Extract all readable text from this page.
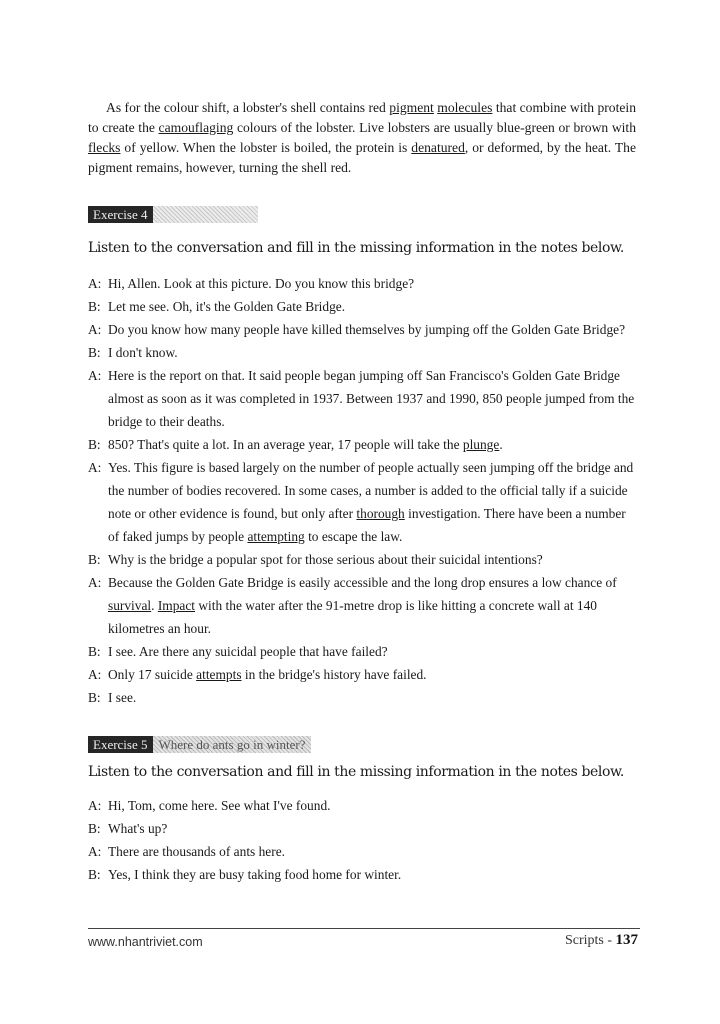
As for the colour shift, a lobster's shell contains red pigment molecules that combine with protein to create the camouflaging colours of the lobster. Live lobsters are usually blue-green or brown with flecks of yellow. When the lobster is boiled, the protein is denatured, or deformed, by the heat. The pigment remains, however, turning the shell red.
Exercise 4
Listen to the conversation and fill in the missing information in the notes below.
A: Hi, Allen. Look at this picture. Do you know this bridge?
B: Let me see. Oh, it's the Golden Gate Bridge.
A: Do you know how many people have killed themselves by jumping off the Golden Gate Bridge?
B: I don't know.
A: Here is the report on that. It said people began jumping off San Francisco's Golden Gate Bridge almost as soon as it was completed in 1937. Between 1937 and 1990, 850 people jumped from the bridge to their deaths.
B: 850? That's quite a lot. In an average year, 17 people will take the plunge.
A: Yes. This figure is based largely on the number of people actually seen jumping off the bridge and the number of bodies recovered. In some cases, a number is added to the official tally if a suicide note or other evidence is found, but only after thorough investigation. There have been a number of faked jumps by people attempting to escape the law.
B: Why is the bridge a popular spot for those serious about their suicidal intentions?
A: Because the Golden Gate Bridge is easily accessible and the long drop ensures a low chance of survival. Impact with the water after the 91-metre drop is like hitting a concrete wall at 140 kilometres an hour.
B: I see. Are there any suicidal people that have failed?
A: Only 17 suicide attempts in the bridge's history have failed.
B: I see.
Exercise 5 Where do ants go in winter?
Listen to the conversation and fill in the missing information in the notes below.
A: Hi, Tom, come here. See what I've found.
B: What's up?
A: There are thousands of ants here.
B: Yes, I think they are busy taking food home for winter.
www.nhantriviet.com	Scripts - 137
